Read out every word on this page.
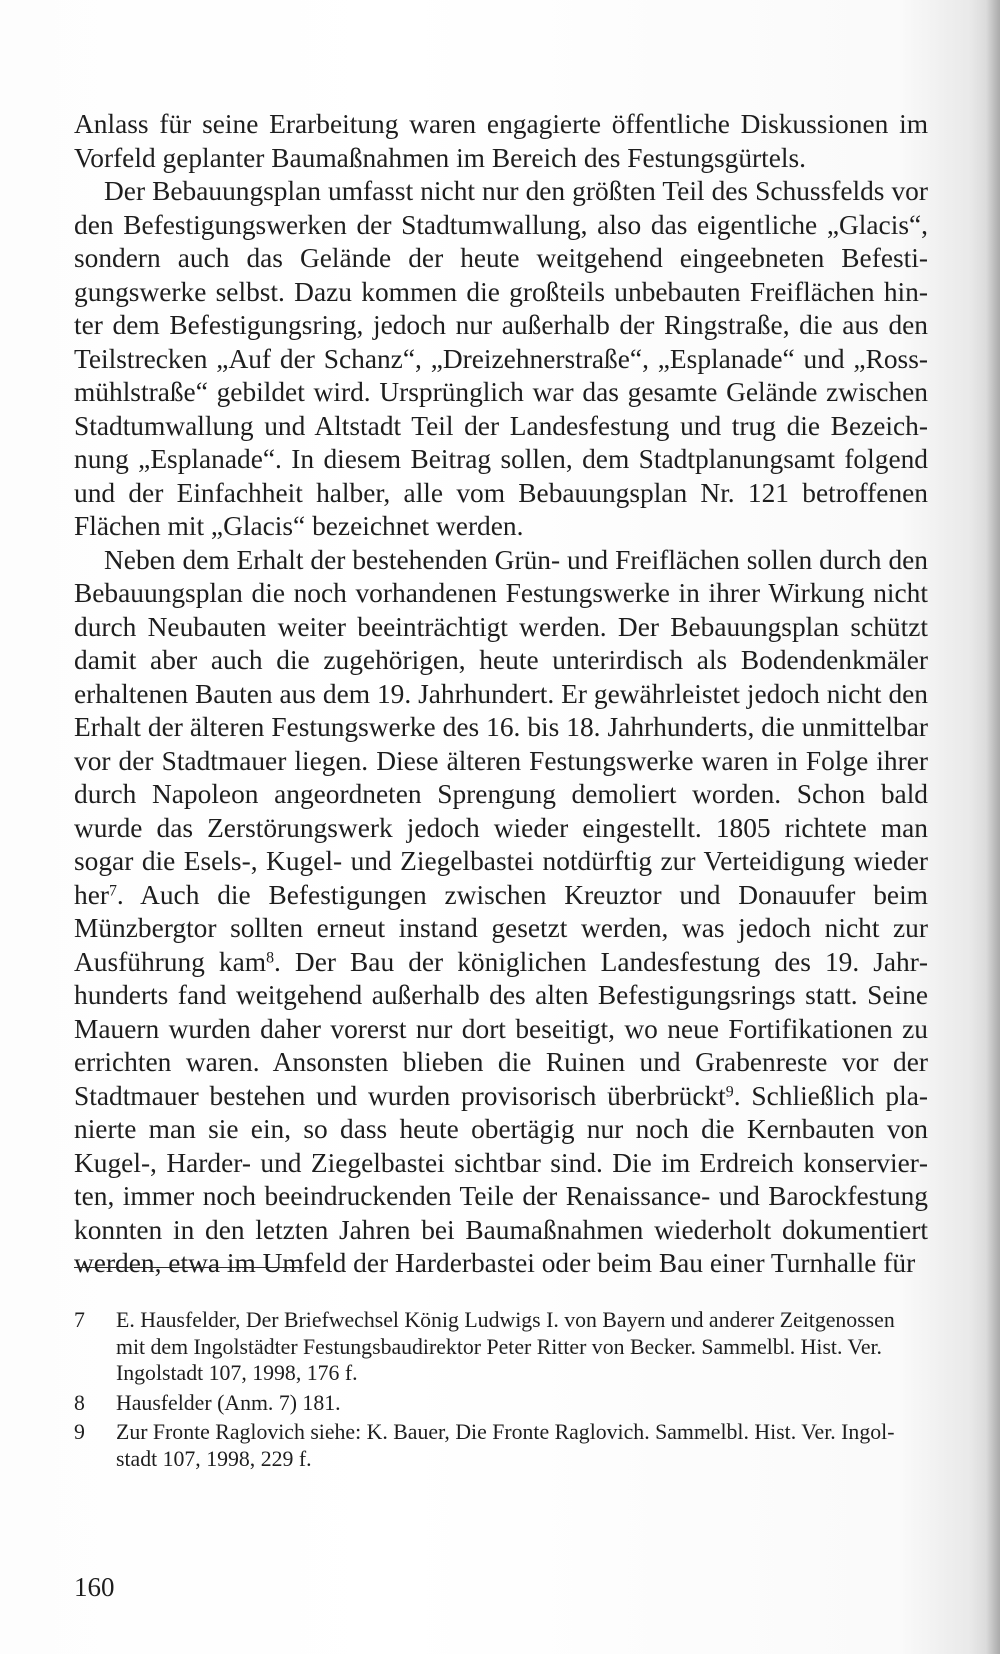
Anlass für seine Erarbeitung waren engagierte öffentliche Diskussionen im Vorfeld geplanter Baumaßnahmen im Bereich des Festungsgürtels.

Der Bebauungsplan umfasst nicht nur den größten Teil des Schussfelds vor den Befestigungswerken der Stadtumwallung, also das eigentliche „Glacis“, sondern auch das Gelände der heute weitgehend eingeebneten Befestigungswerke selbst. Dazu kommen die großteils unbebauten Freiflächen hinter dem Befestigungsring, jedoch nur außerhalb der Ringstraße, die aus den Teilstrecken „Auf der Schanz“, „Dreizehnerstraße“, „Esplanade“ und „Rossmühlstraße“ gebildet wird. Ursprünglich war das gesamte Gelände zwischen Stadtumwallung und Altstadt Teil der Landesfestung und trug die Bezeichnung „Esplanade“. In diesem Beitrag sollen, dem Stadtplanungsamt folgend und der Einfachheit halber, alle vom Bebauungsplan Nr. 121 betroffenen Flächen mit „Glacis“ bezeichnet werden.

Neben dem Erhalt der bestehenden Grün- und Freiflächen sollen durch den Bebauungsplan die noch vorhandenen Festungswerke in ihrer Wirkung nicht durch Neubauten weiter beeinträchtigt werden. Der Bebauungsplan schützt damit aber auch die zugehörigen, heute unterirdisch als Bodendenkmäler erhaltenen Bauten aus dem 19. Jahrhundert. Er gewährleistet jedoch nicht den Erhalt der älteren Festungswerke des 16. bis 18. Jahrhunderts, die unmittelbar vor der Stadtmauer liegen. Diese älteren Festungswerke waren in Folge ihrer durch Napoleon angeordneten Sprengung demoliert worden. Schon bald wurde das Zerstörungswerk jedoch wieder eingestellt. 1805 richtete man sogar die Esels-, Kugel- und Ziegelbastei notdürftig zur Verteidigung wieder her$^7$. Auch die Befestigungen zwischen Kreuztor und Donauufer beim Münzbergtor sollten erneut instand gesetzt werden, was jedoch nicht zur Ausführung kam$^8$. Der Bau der königlichen Landesfestung des 19. Jahrhunderts fand weitgehend außerhalb des alten Befestigungsrings statt. Seine Mauern wurden daher vorerst nur dort beseitigt, wo neue Fortifikationen zu errichten waren. Ansonsten blieben die Ruinen und Grabenreste vor der Stadtmauer bestehen und wurden provisorisch überbrückt$^9$. Schließlich planierte man sie ein, so dass heute obertägig nur noch die Kernbauten von Kugel-, Harder- und Ziegelbastei sichtbar sind. Die im Erdreich konservierten, immer noch beeindruckenden Teile der Renaissance- und Barockfestung konnten in den letzten Jahren bei Baumaßnahmen wiederholt dokumentiert werden, etwa im Umfeld der Harderbastei oder beim Bau einer Turnhalle für

7	E. Hausfelder, Der Briefwechsel König Ludwigs I. von Bayern und anderer Zeitgenossen mit dem Ingolstädter Festungsbaudirektor Peter Ritter von Becker. Sammelbl. Hist. Ver. Ingolstadt 107, 1998, 176 f.
8	Hausfelder (Anm. 7) 181.
9	Zur Fronte Raglovich siehe: K. Bauer, Die Fronte Raglovich. Sammelbl. Hist. Ver. Ingolstadt 107, 1998, 229 f.
160
